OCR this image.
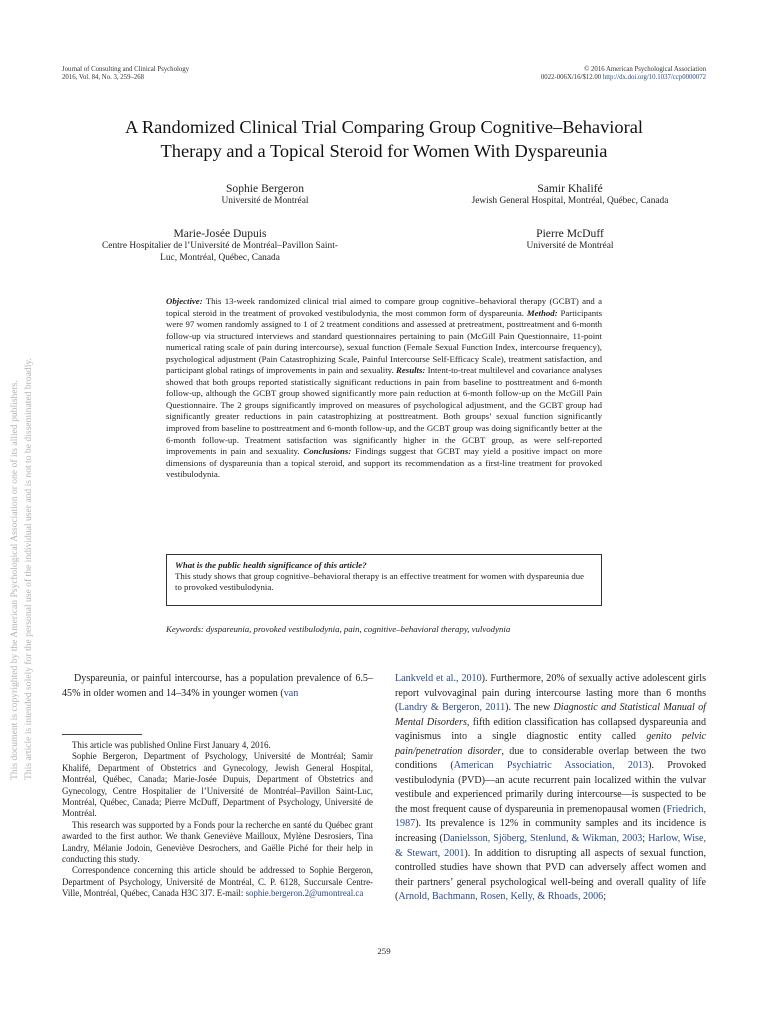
This document is copyrighted by the American Psychological Association or one of its allied publishers. This article is intended solely for the personal use of the individual user and is not to be disseminated broadly.
Journal of Consulting and Clinical Psychology
2016, Vol. 84, No. 3, 259–268
© 2016 American Psychological Association
0022-006X/16/$12.00 http://dx.doi.org/10.1037/ccp0000072
A Randomized Clinical Trial Comparing Group Cognitive–Behavioral
Therapy and a Topical Steroid for Women With Dyspareunia
Sophie Bergeron
Université de Montréal
Samir Khalifé
Jewish General Hospital, Montréal, Québec, Canada
Marie-Josée Dupuis
Centre Hospitalier de l’Université de Montréal–Pavillon Saint-
Luc, Montréal, Québec, Canada
Pierre McDuff
Université de Montréal
Objective: This 13-week randomized clinical trial aimed to compare group cognitive–behavioral therapy (GCBT) and a topical steroid in the treatment of provoked vestibulodynia, the most common form of dyspareunia. Method: Participants were 97 women randomly assigned to 1 of 2 treatment conditions and assessed at pretreatment, posttreatment and 6-month follow-up via structured interviews and standard questionnaires pertaining to pain (McGill Pain Questionnaire, 11-point numerical rating scale of pain during intercourse), sexual function (Female Sexual Function Index, intercourse frequency), psychological adjustment (Pain Catastrophizing Scale, Painful Intercourse Self-Efficacy Scale), treatment satisfaction, and participant global ratings of improvements in pain and sexuality. Results: Intent-to-treat multilevel and covariance analyses showed that both groups reported statistically significant reductions in pain from baseline to posttreatment and 6-month follow-up, although the GCBT group showed significantly more pain reduction at 6-month follow-up on the McGill Pain Questionnaire. The 2 groups significantly improved on measures of psychological adjustment, and the GCBT group had significantly greater reductions in pain catastrophizing at posttreatment. Both groups’ sexual function significantly improved from baseline to posttreatment and 6-month follow-up, and the GCBT group was doing significantly better at the 6-month follow-up. Treatment satisfaction was significantly higher in the GCBT group, as were self-reported improvements in pain and sexuality. Conclusions: Findings suggest that GCBT may yield a positive impact on more dimensions of dyspareunia than a topical steroid, and support its recommendation as a first-line treatment for provoked vestibulodynia.
What is the public health significance of this article?
This study shows that group cognitive–behavioral therapy is an effective treatment for women with dyspareunia due to provoked vestibulodynia.
Keywords: dyspareunia, provoked vestibulodynia, pain, cognitive–behavioral therapy, vulvodynia

Dyspareunia, or painful intercourse, has a population prevalence of 6.5–45% in older women and 14–34% in younger women (van

This article was published Online First January 4, 2016.

Sophie Bergeron, Department of Psychology, Université de Montréal; Samir Khalifé, Department of Obstetrics and Gynecology, Jewish General Hospital, Montréal, Québec, Canada; Marie-Josée Dupuis, Department of Obstetrics and Gynecology, Centre Hospitalier de l’Université de Montréal–Pavillon Saint-Luc, Montréal, Québec, Canada; Pierre McDuff, Department of Psychology, Université de Montréal.

This research was supported by a Fonds pour la recherche en santé du Québec grant awarded to the first author. We thank Geneviève Mailloux, Mylène Desrosiers, Tina Landry, Mélanie Jodoin, Geneviève Desrochers, and Gaëlle Piché for their help in conducting this study.

Correspondence concerning this article should be addressed to Sophie Bergeron, Department of Psychology, Université de Montréal, C. P. 6128, Succursale Centre-Ville, Montréal, Québec, Canada H3C 3J7. E-mail: sophie.bergeron.2@umontreal.ca

Lankveld et al., 2010). Furthermore, 20% of sexually active adolescent girls report vulvovaginal pain during intercourse lasting more than 6 months (Landry & Bergeron, 2011). The new Diagnostic and Statistical Manual of Mental Disorders, fifth edition classification has collapsed dyspareunia and vaginismus into a single diagnostic entity called genito pelvic pain/penetration disorder, due to considerable overlap between the two conditions (American Psychiatric Association, 2013). Provoked vestibulodynia (PVD)—an acute recurrent pain localized within the vulvar vestibule and experienced primarily during intercourse—is suspected to be the most frequent cause of dyspareunia in premenopausal women (Friedrich, 1987). Its prevalence is 12% in community samples and its incidence is increasing (Danielsson, Sjöberg, Stenlund, & Wikman, 2003; Harlow, Wise, & Stewart, 2001). In addition to disrupting all aspects of sexual function, controlled studies have shown that PVD can adversely affect women and their partners’ general psychological well-being and overall quality of life (Arnold, Bachmann, Rosen, Kelly, & Rhoads, 2006;

259
